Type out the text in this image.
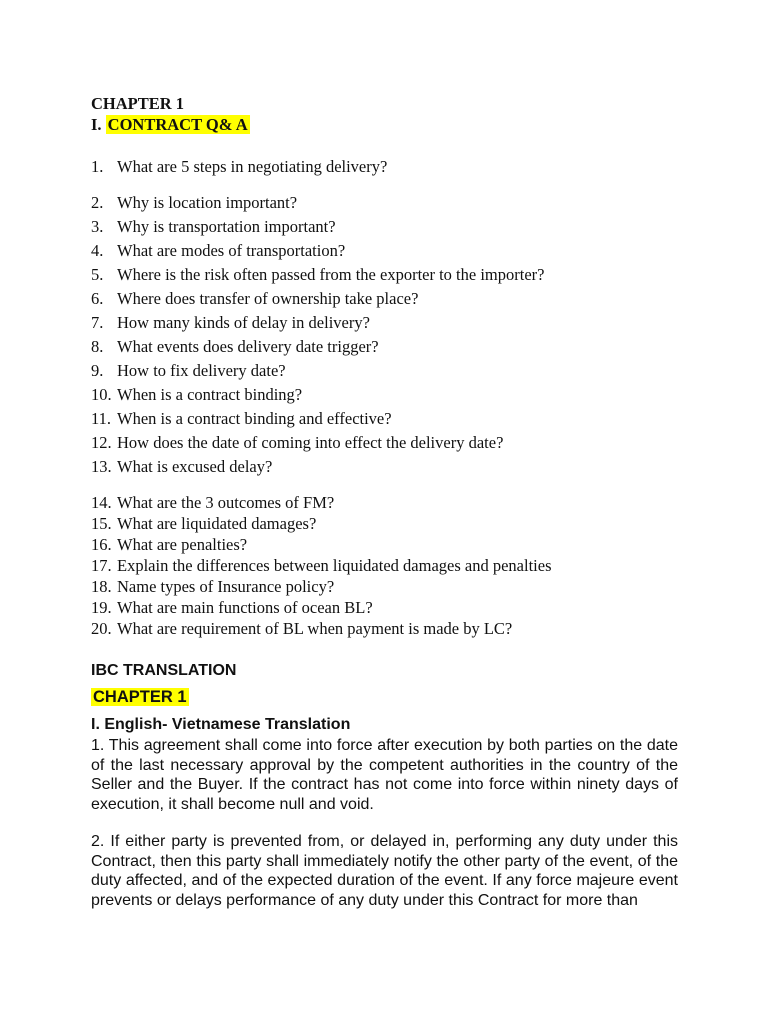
CHAPTER 1
I. CONTRACT Q& A
1. What are 5 steps in negotiating delivery?
2. Why is location important?
3. Why is transportation important?
4. What are modes of transportation?
5. Where is the risk often passed from the exporter to the importer?
6. Where does transfer of ownership take place?
7. How many kinds of delay in delivery?
8. What events does delivery date trigger?
9. How to fix delivery date?
10. When is a contract binding?
11. When is a contract binding and effective?
12. How does the date of coming into effect the delivery date?
13. What is excused delay?
14. What are the 3 outcomes of FM?
15. What are liquidated damages?
16. What are penalties?
17. Explain the differences between liquidated damages and penalties
18. Name types of Insurance policy?
19. What are main functions of ocean BL?
20. What are requirement of BL when payment is made by LC?
IBC TRANSLATION
CHAPTER 1
I. English- Vietnamese Translation
1. This agreement shall come into force after execution by both parties on the date of the last necessary approval by the competent authorities in the country of the Seller and the Buyer. If the contract has not come into force within ninety days of execution, it shall become null and void.
2. If either party is prevented from, or delayed in, performing any duty under this Contract, then this party shall immediately notify the other party of the event, of the duty affected, and of the expected duration of the event. If any force majeure event prevents or delays performance of any duty under this Contract for more than
